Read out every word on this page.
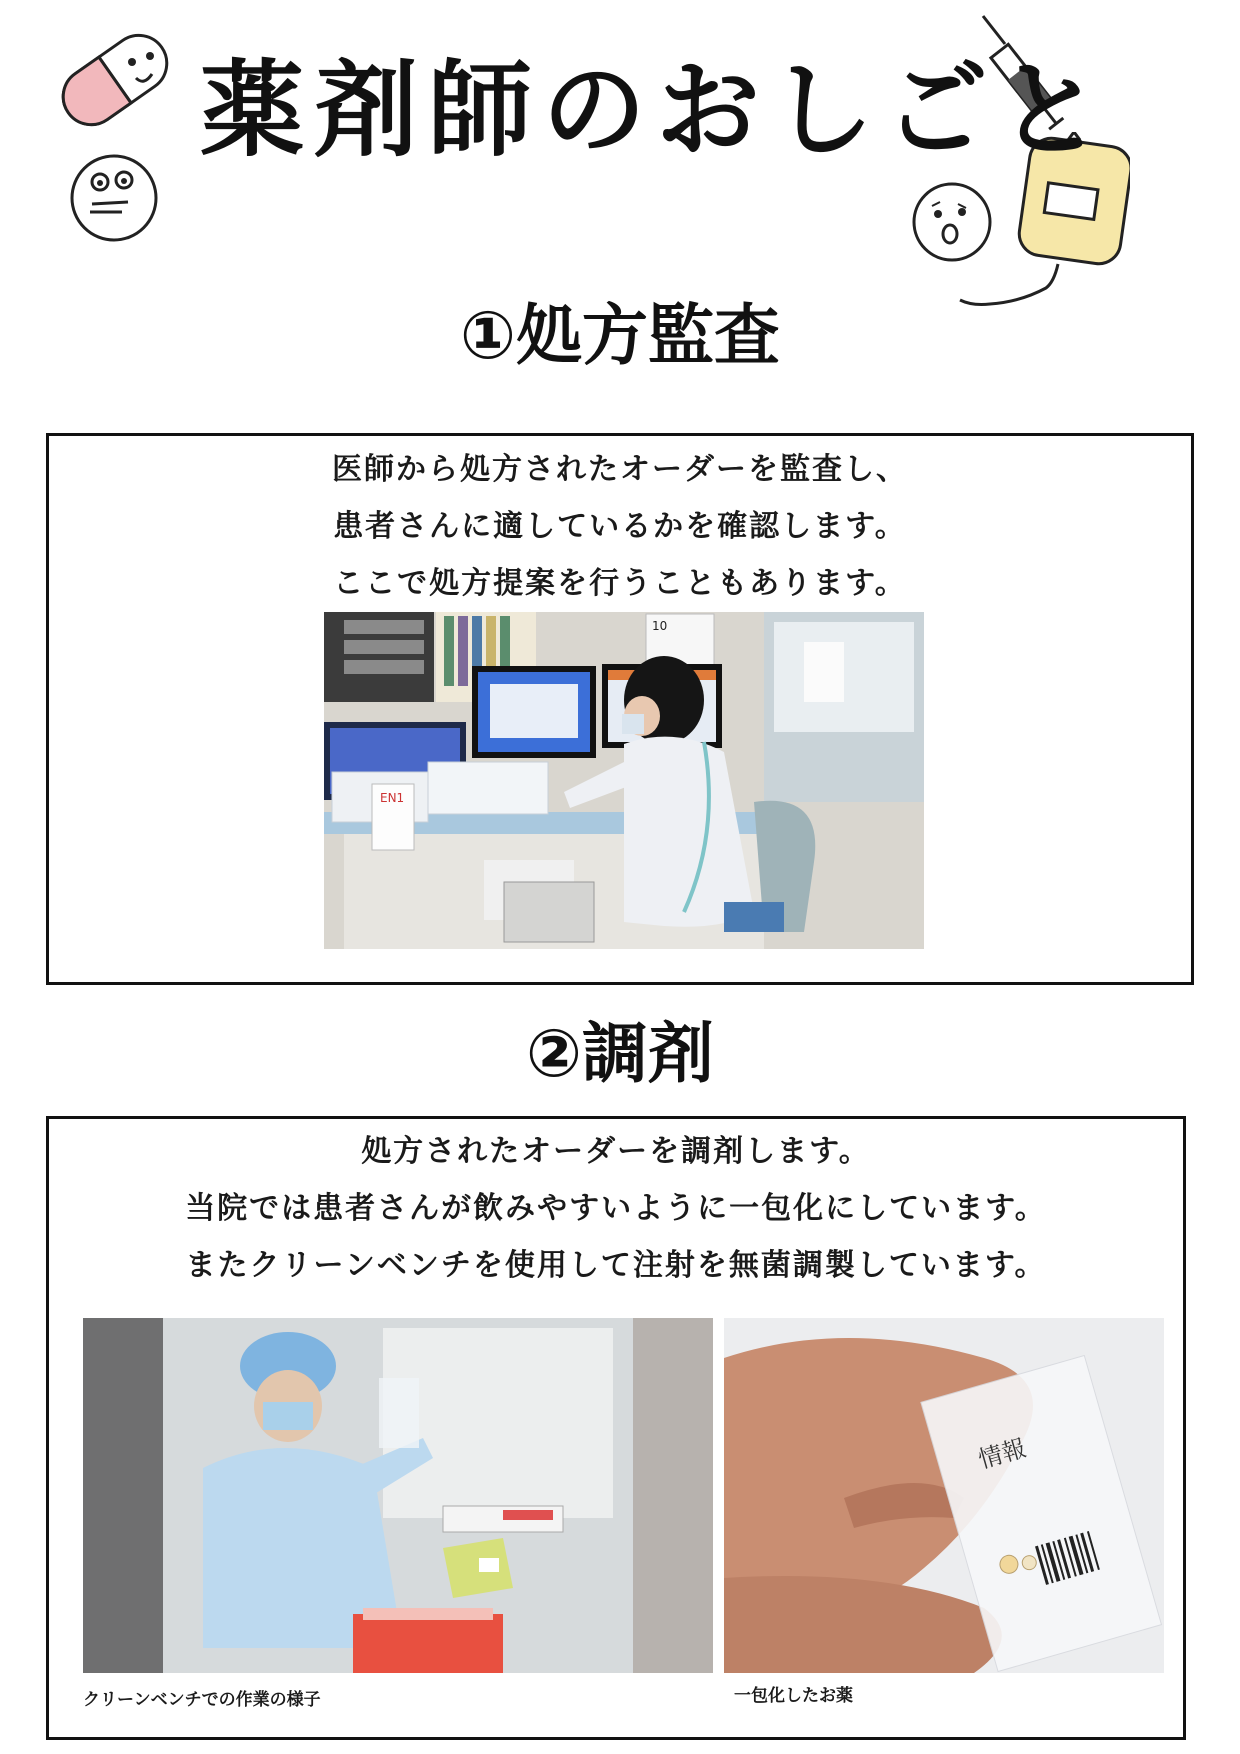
薬剤師のおしごと
①処方監査
医師から処方されたオーダーを監査し、
患者さんに適しているかを確認します。
ここで処方提案を行うこともあります。
10
EN1
②調剤
処方されたオーダーを調剤します。
当院では患者さんが飲みやすいように一包化にしています。
またクリーンベンチを使用して注射を無菌調製しています。
クリーンベンチでの作業の様子
情報
一包化したお薬
